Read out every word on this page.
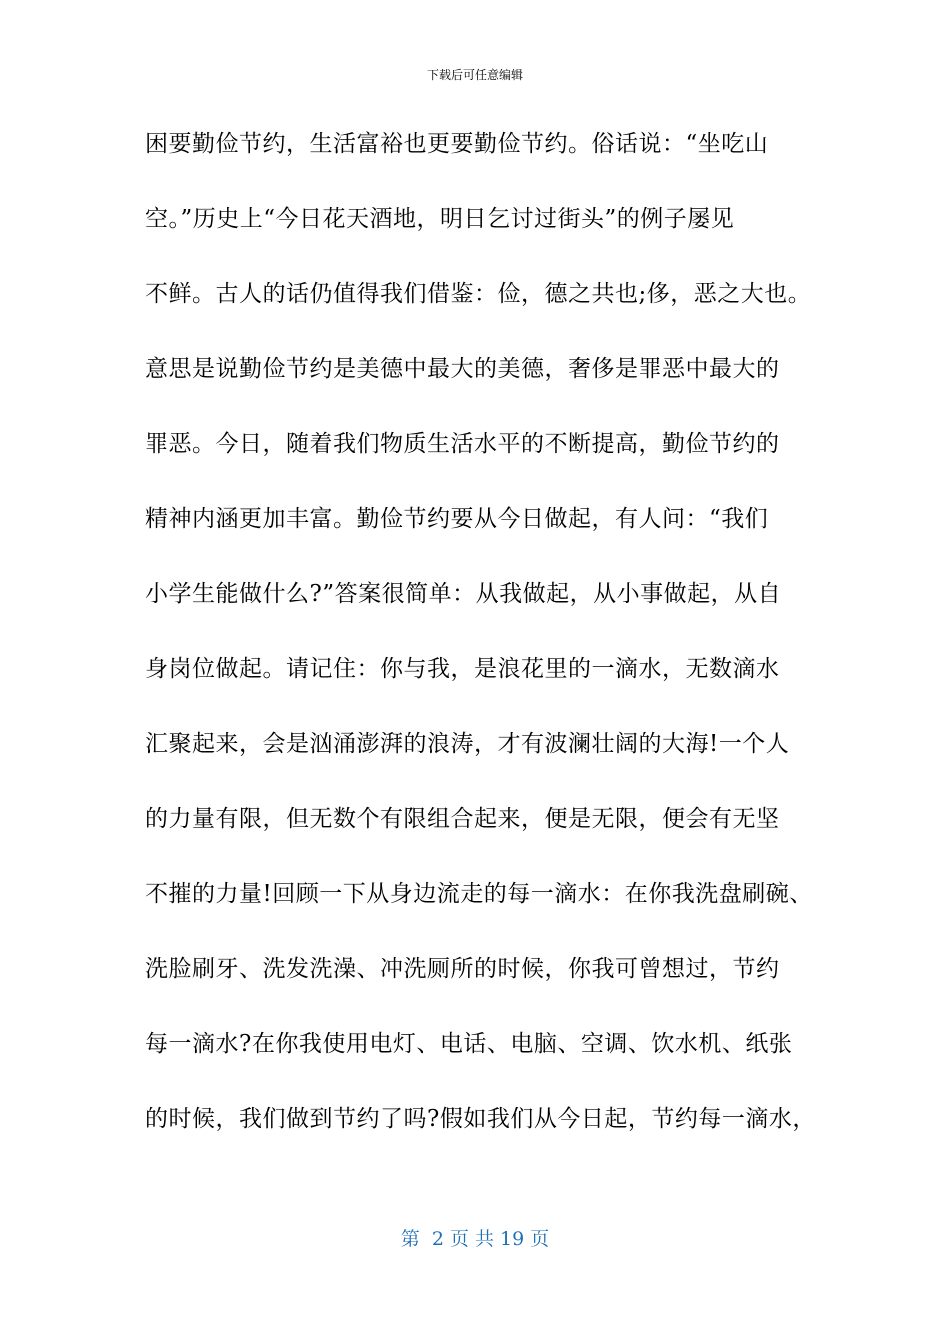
下载后可任意编辑
困要勤俭节约，生活富裕也更要勤俭节约。俗话说：“坐吃山
空。”历史上“今日花天酒地，明日乞讨过街头”的例子屡见
不鲜。古人的话仍值得我们借鉴：俭，德之共也;侈，恶之大也。
意思是说勤俭节约是美德中最大的美德，奢侈是罪恶中最大的
罪恶。今日，随着我们物质生活水平的不断提高，勤俭节约的
精神内涵更加丰富。勤俭节约要从今日做起，有人问：“我们
小学生能做什么?”答案很简单：从我做起，从小事做起，从自
身岗位做起。请记住：你与我，是浪花里的一滴水，无数滴水
汇聚起来，会是汹涌澎湃的浪涛，才有波澜壮阔的大海!一个人
的力量有限，但无数个有限组合起来，便是无限，便会有无坚
不摧的力量!回顾一下从身边流走的每一滴水：在你我洗盘刷碗、
洗脸刷牙、洗发洗澡、冲洗厕所的时候，你我可曾想过，节约
每一滴水?在你我使用电灯、电话、电脑、空调、饮水机、纸张
的时候，我们做到节约了吗?假如我们从今日起，节约每一滴水，
第  2 页 共 19 页
